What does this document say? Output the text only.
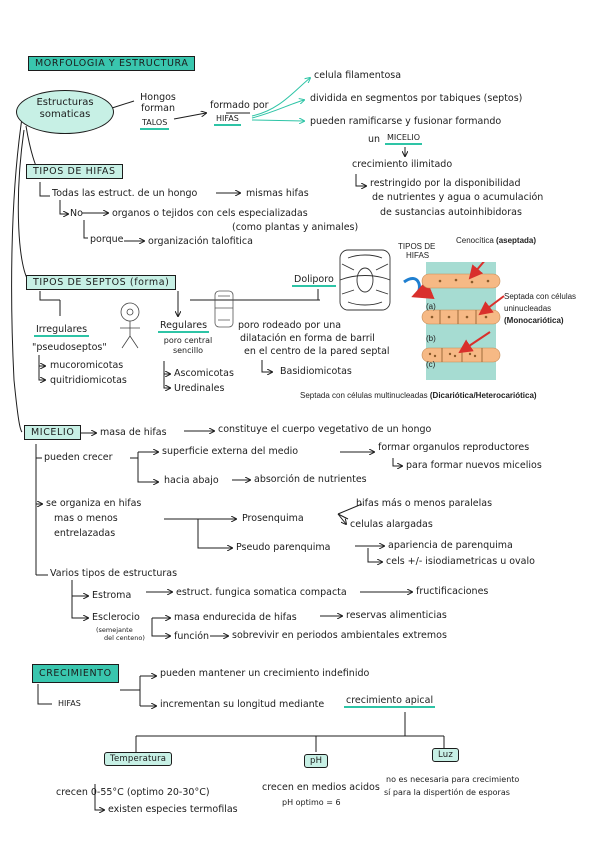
MORFOLOGIA Y ESTRUCTURA
Estructuras somaticas
Hongos forman
TALOS
formado por
HIFAS
celula filamentosa
dividida en segmentos por tabiques (septos)
pueden ramificarse y fusionar formando
un MICELIO
crecimiento ilimitado
restringido por la disponibilidad
de nutrientes y agua o acumulación
de sustancias autoinhibidoras
TIPOS DE HIFAS
Todas las estruct. de un hongo	mismas hifas
No	organos o tejidos con cels especializadas
(como plantas y animales)
porque	organización talofitica
TIPOS DE SEPTOS (forma)
Irregulares
"pseudoseptos"
mucoromicotas
quitridiomicotas
Regulares
poro central
sencillo
Ascomicotas
Uredinales
Doliporo
poro rodeado por una
dilatación en forma de barril
en el centro de la pared septal
Basidiomicotas
TIPOS DE
HIFAS
(a)
(b)
(c)
Cenocítica (aseptada)
Septada con células
uninucleadas
(Monocariótica)
Septada con células multinucleadas (Dicariótica/Heterocariótica)
MICELIO	masa de hifas	constituye el cuerpo vegetativo de un hongo
pueden crecer
superficie externa del medio	formar organulos reproductores
para formar nuevos micelios
hacia abajo	absorción de nutrientes
se organiza en hifas
mas o menos
entrelazadas
Prosenquima
hifas más o menos paralelas
celulas alargadas
Pseudo parenquima	apariencia de parenquima
cels +/- isiodiametricas u ovalo
Varios tipos de estructuras
Estroma	estruct. fungica somatica compacta	fructificaciones
Esclerocio
(semejante
del centeno)
masa endurecida de hifas	reservas alimenticias
función sobrevivir en periodos ambientales extremos
CRECIMIENTO	pueden mantener un crecimiento indefinido
HIFAS	incrementan su longitud mediante crecimiento apical
Temperatura	pH
Luz
crecen 0-55°C (optimo 20-30°C)
existen especies termofilas
crecen en medios acidos
pH optimo = 6
no es necesaria para crecimiento
sí para la dispertión de esporas
